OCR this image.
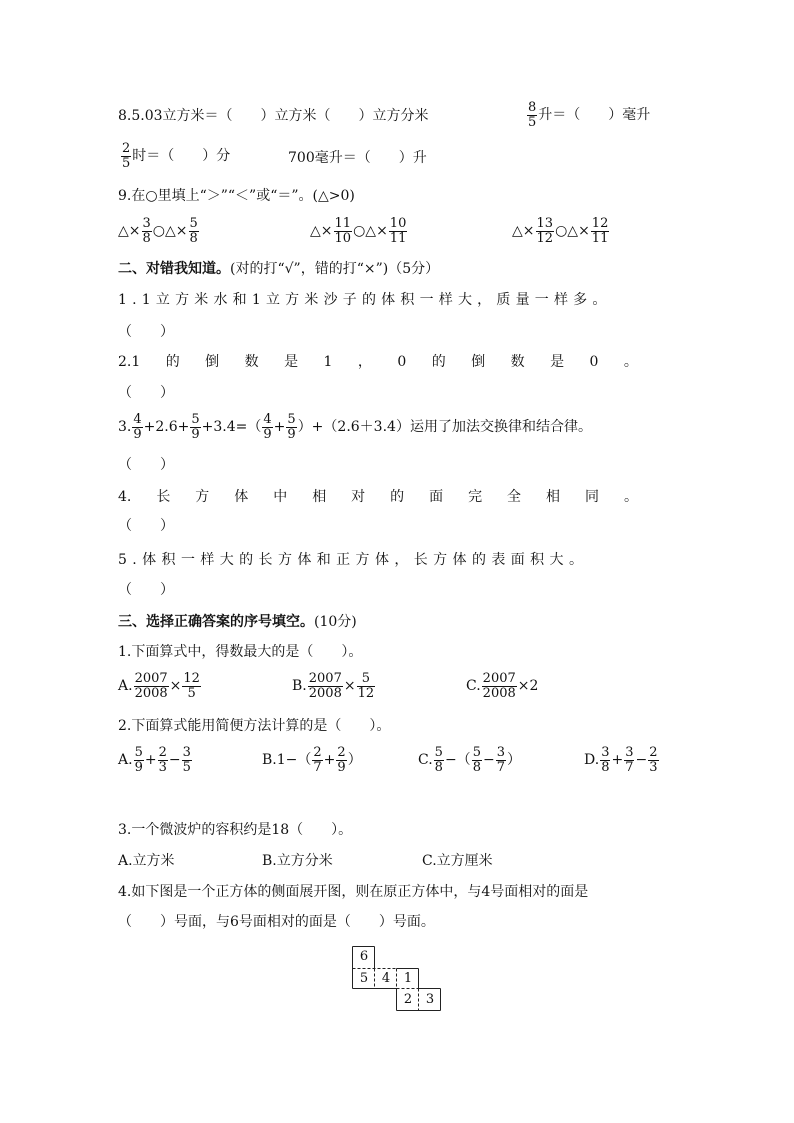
8.5.03立方米＝（　　）立方米（　　）立方分米	$\frac{8}{5}$ 升＝（　　）毫升
$\frac{2}{5}$ 时＝（　　）分	700毫升＝（　　）升
9.在○里填上“＞”“＜”或“＝”。(△>0)
△× $\frac{3}{8}$ ○△× $\frac{5}{8}$	△× $\frac{11}{10}$ ○△× $\frac{10}{11}$	△× $\frac{13}{12}$ ○△× $\frac{12}{11}$
二、对错我知道。(对的打“√”，错的打“×”)（5分）
1.1立方米水和1立方米沙子的体积一样大，质量一样多。
（　　）
2.1 的 倒 数 是 1 ， 0 的 倒 数 是 0 。
（　　）
3. $\frac{4}{9} +2.6+ \frac{5}{9} +3.4=( \frac{4}{9} + \frac{5}{9} )+(2.6+3.4)$运用了加法交换律和结合律。
（　　）
4. 长 方 体 中 相 对 的 面 完 全 相 同 。
（　　）
5.体积一样大的长方体和正方体，长方体的表面积大。
（　　）
三、选择正确答案的序号填空。(10分)
1.下面算式中，得数最大的是（　　）。
A. $\frac{2007}{2008} \times \frac{12}{5}$	B. $\frac{2007}{2008} \times \frac{5}{12}$	C. $\frac{2007}{2008} \times 2$
2.下面算式能用简便方法计算的是（　　）。
A. $\frac{5}{9} + \frac{2}{3} - \frac{3}{5}$	$B.1-( \frac{2}{7} + \frac{2}{9}$ ）	C. $\frac{5}{8}$ −（ $\frac{5}{8} - \frac{3}{7}$ ）	D. $\frac{3}{8} + \frac{3}{7} - \frac{2}{3}$
3.一个微波炉的容积约是18（　　）。
A.立方米	B.立方分米	C.立方厘米
4.如下图是一个正方体的侧面展开图，则在原正方体中，与4号面相对的面是
（　　）号面，与6号面相对的面是（　　）号面。
6
5	4	1
2	3
